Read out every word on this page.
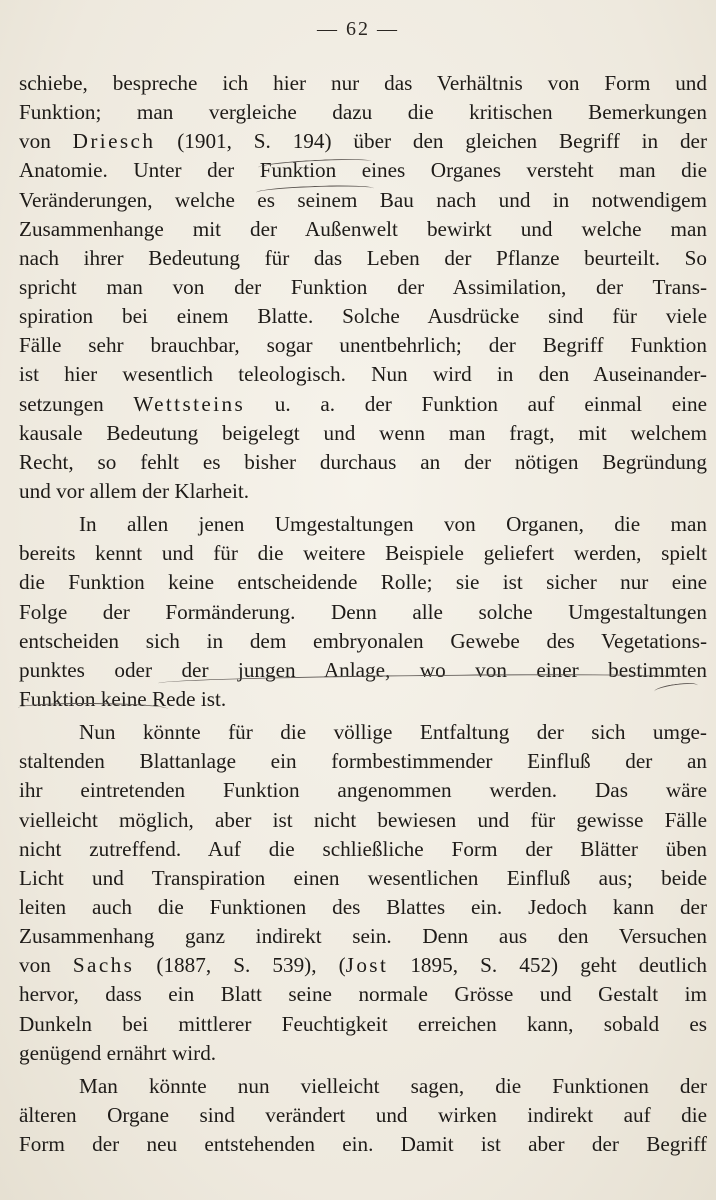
— 62 —
schiebe, bespreche ich hier nur das Verhältnis von Form und
Funktion; man vergleiche dazu die kritischen Bemerkungen
von Driesch (1901, S. 194) über den gleichen Begriff in der
Anatomie. Unter der Funktion eines Organes versteht man die
Veränderungen, welche es seinem Bau nach und in notwendigem
Zusammenhange mit der Außenwelt bewirkt und welche man
nach ihrer Bedeutung für das Leben der Pflanze beurteilt. So
spricht man von der Funktion der Assimilation, der Trans-
spiration bei einem Blatte. Solche Ausdrücke sind für viele
Fälle sehr brauchbar, sogar unentbehrlich; der Begriff Funktion
ist hier wesentlich teleologisch. Nun wird in den Auseinander-
setzungen Wettsteins u. a. der Funktion auf einmal eine
kausale Bedeutung beigelegt und wenn man fragt, mit welchem
Recht, so fehlt es bisher durchaus an der nötigen Begründung
und vor allem der Klarheit.
In allen jenen Umgestaltungen von Organen, die man
bereits kennt und für die weitere Beispiele geliefert werden, spielt
die Funktion keine entscheidende Rolle; sie ist sicher nur eine
Folge der Formänderung. Denn alle solche Umgestaltungen
entscheiden sich in dem embryonalen Gewebe des Vegetations-
punktes oder der jungen Anlage, wo von einer bestimmten
Funktion keine Rede ist.
Nun könnte für die völlige Entfaltung der sich umge-
staltenden Blattanlage ein formbestimmender Einfluß der an
ihr eintretenden Funktion angenommen werden. Das wäre
vielleicht möglich, aber ist nicht bewiesen und für gewisse Fälle
nicht zutreffend. Auf die schließliche Form der Blätter üben
Licht und Transpiration einen wesentlichen Einfluß aus; beide
leiten auch die Funktionen des Blattes ein. Jedoch kann der
Zusammenhang ganz indirekt sein. Denn aus den Versuchen
von Sachs (1887, S. 539), (Jost 1895, S. 452) geht deutlich
hervor, dass ein Blatt seine normale Grösse und Gestalt im
Dunkeln bei mittlerer Feuchtigkeit erreichen kann, sobald es
genügend ernährt wird.
Man könnte nun vielleicht sagen, die Funktionen der
älteren Organe sind verändert und wirken indirekt auf die
Form der neu entstehenden ein. Damit ist aber der Begriff
